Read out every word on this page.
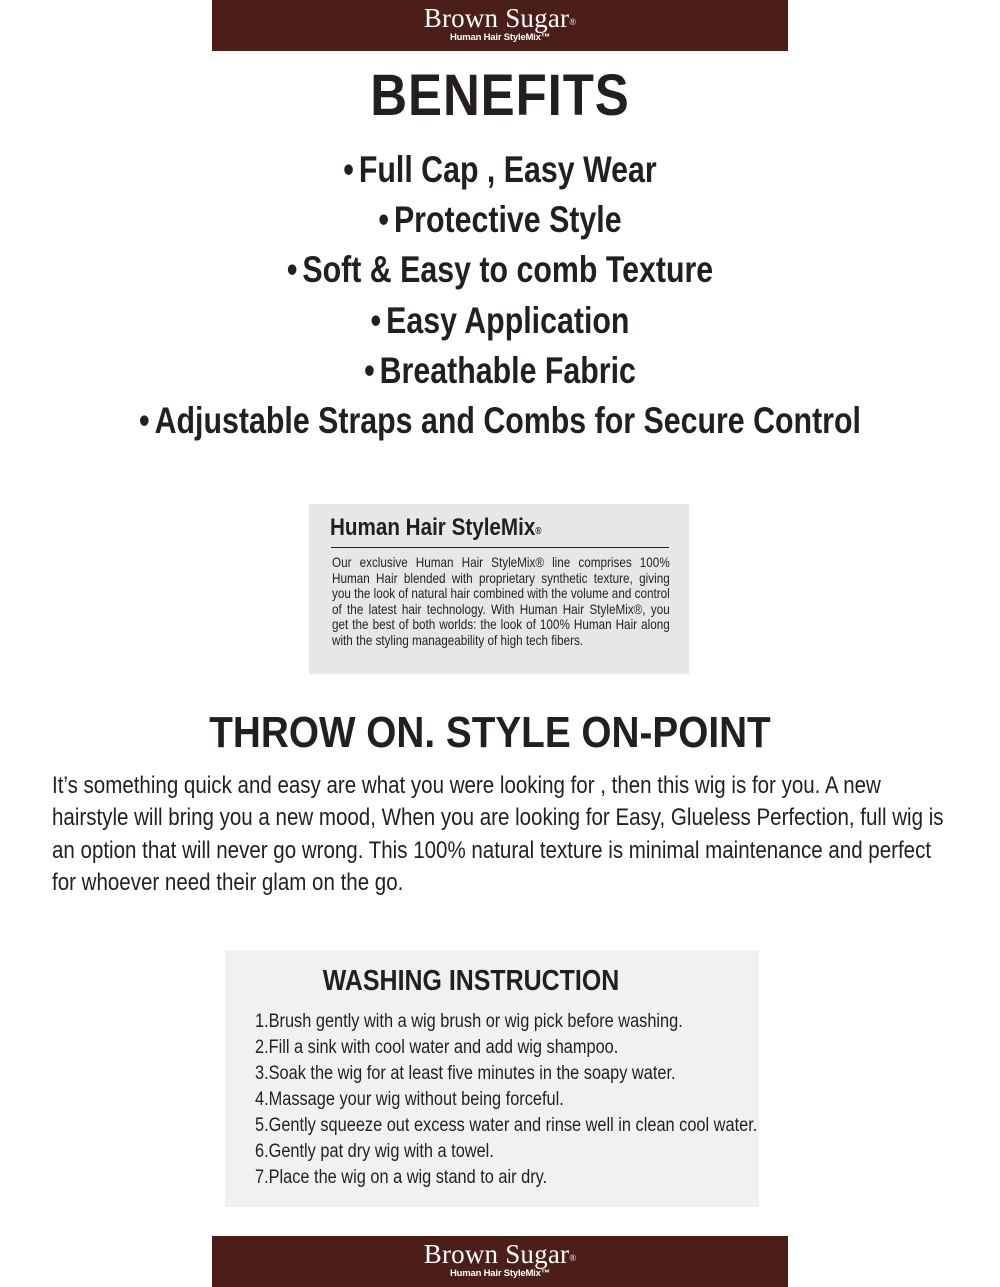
Brown Sugar®
Human Hair StyleMix™
BENEFITS
• Full Cap , Easy Wear
• Protective Style
• Soft & Easy to comb Texture
• Easy Application
• Breathable Fabric
• Adjustable Straps and Combs for Secure Control
Human Hair StyleMix®
Our exclusive Human Hair StyleMix® line comprises 100% Human Hair blended with proprietary synthetic texture, giving you the look of natural hair combined with the volume and control of the latest hair technology. With Human Hair StyleMix®, you get the best of both worlds: the look of 100% Human Hair along with the styling manageability of high tech fibers.
THROW ON. STYLE ON-POINT
It’s something quick and easy are what you were looking for , then this wig is for you. A new hairstyle will bring you a new mood, When you are looking for Easy, Glueless Perfection, full wig is an option that will never go wrong. This 100% natural texture is minimal maintenance and perfect for whoever need their glam on the go.
WASHING INSTRUCTION
1.Brush gently with a wig brush or wig pick before washing.
2.Fill a sink with cool water and add wig shampoo.
3.Soak the wig for at least five minutes in the soapy water.
4.Massage your wig without being forceful.
5.Gently squeeze out excess water and rinse well in clean cool water.
6.Gently pat dry wig with a towel.
7.Place the wig on a wig stand to air dry.
Brown Sugar®
Human Hair StyleMix™
